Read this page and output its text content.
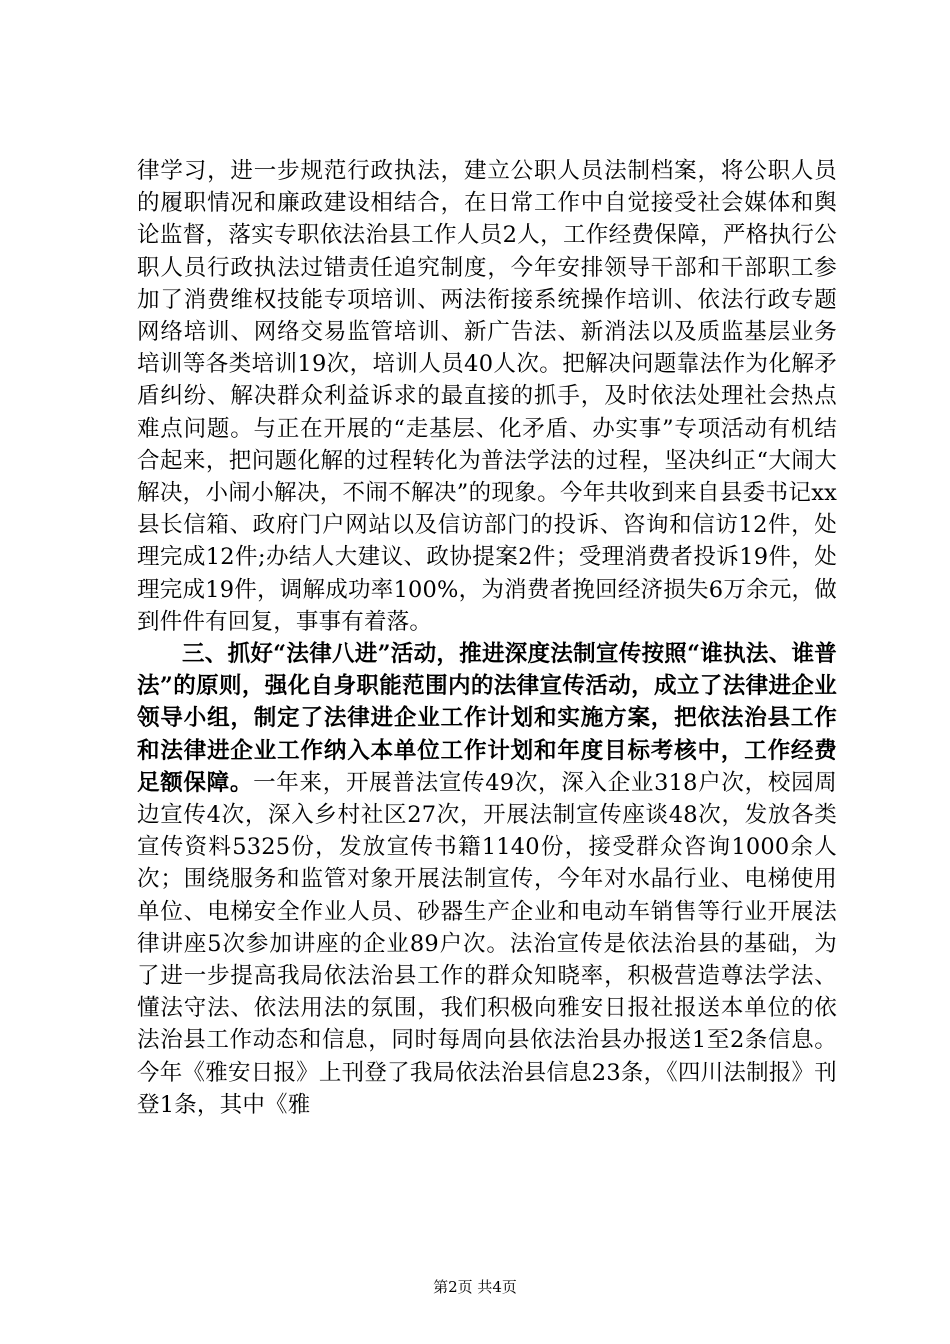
律学习，进一步规范行政执法，建立公职人员法制档案，将公职人员的履职情况和廉政建设相结合，在日常工作中自觉接受社会媒体和舆论监督，落实专职依法治县工作人员2人，工作经费保障，严格执行公职人员行政执法过错责任追究制度，今年安排领导干部和干部职工参加了消费维权技能专项培训、两法衔接系统操作培训、依法行政专题网络培训、网络交易监管培训、新广告法、新消法以及质监基层业务培训等各类培训19次，培训人员40人次。把解决问题靠法作为化解矛盾纠纷、解决群众利益诉求的最直接的抓手，及时依法处理社会热点难点问题。与正在开展的“走基层、化矛盾、办实事”专项活动有机结合起来，把问题化解的过程转化为普法学法的过程，坚决纠正“大闹大解决，小闹小解决，不闹不解决”的现象。今年共收到来自县委书记xx县长信箱、政府门户网站以及信访部门的投诉、咨询和信访12件，处理完成12件;办结人大建议、政协提案2件；受理消费者投诉19件，处理完成19件，调解成功率100%，为消费者挽回经济损失6万余元，做到件件有回复，事事有着落。

三、抓好“法律八进”活动，推进深度法制宣传按照“谁执法、谁普法”的原则，强化自身职能范围内的法律宣传活动，成立了法律进企业领导小组，制定了法律进企业工作计划和实施方案，把依法治县工作和法律进企业工作纳入本单位工作计划和年度目标考核中，工作经费足额保障。一年来，开展普法宣传49次，深入企业318户次，校园周边宣传4次，深入乡村社区27次，开展法制宣传座谈48次，发放各类宣传资料5325份，发放宣传书籍1140份，接受群众咨询1000余人次；围绕服务和监管对象开展法制宣传，今年对水晶行业、电梯使用单位、电梯安全作业人员、砂器生产企业和电动车销售等行业开展法律讲座5次参加讲座的企业89户次。法治宣传是依法治县的基础，为了进一步提高我局依法治县工作的群众知晓率，积极营造尊法学法、懂法守法、依法用法的氛围，我们积极向雅安日报社报送本单位的依法治县工作动态和信息，同时每周向县依法治县办报送1至2条信息。今年《雅安日报》上刊登了我局依法治县信息23条，《四川法制报》刊登1条，其中《雅

第2页 共4页
